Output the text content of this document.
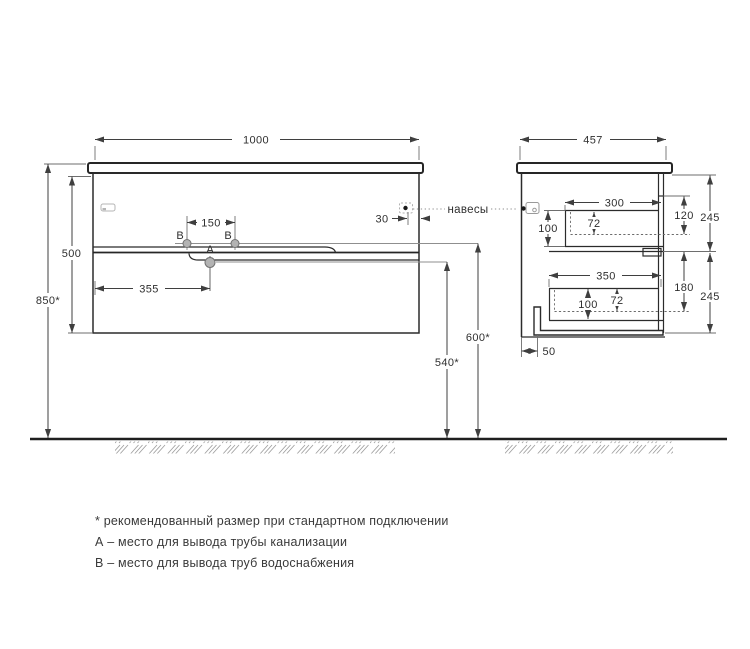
1000
500
850*
150
В	В
А
355
30
навесы
600*
540*
457
300
100	72
350
100 72
120 245
180
245
50
* рекомендованный размер при стандартном подключении
А – место для вывода трубы канализации
В – место для вывода труб водоснабжения
